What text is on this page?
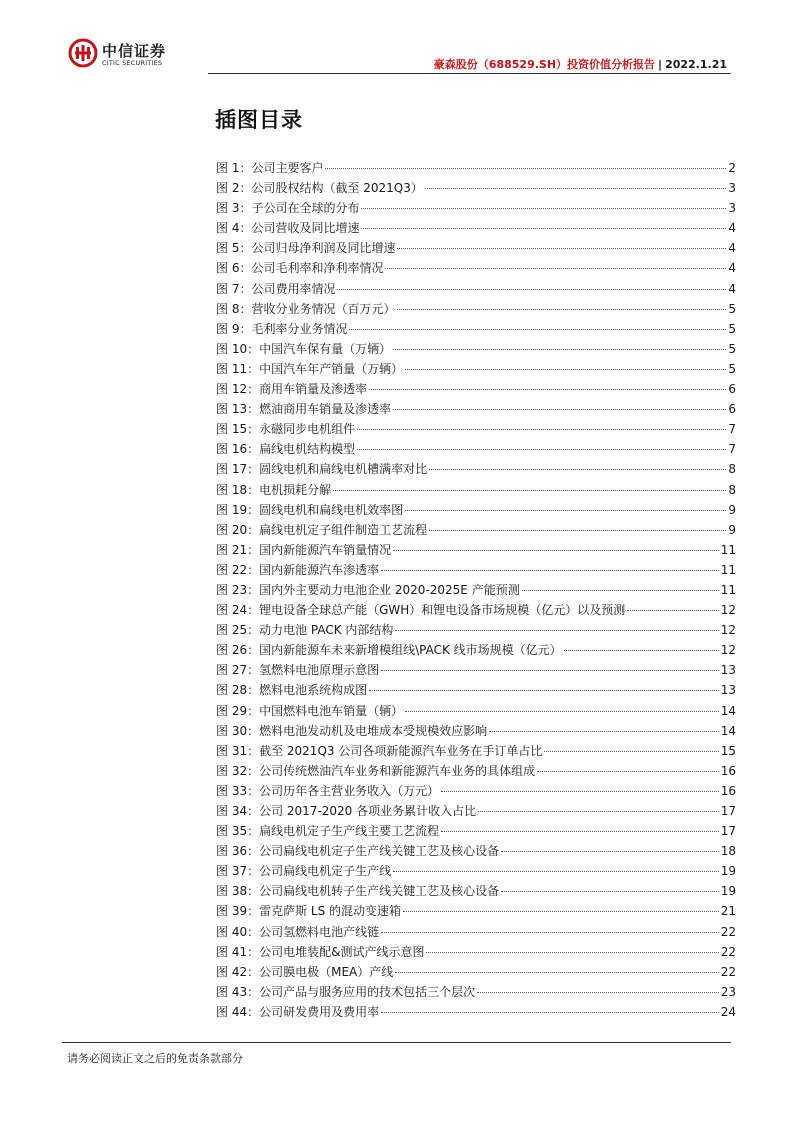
中信证券
CITIC SECURITIES	豪森股份（688529.SH）投资价值分析报告 | 2022.1.21
插图目录
图 1：公司主要客户	2
图 2：公司股权结构（截至 2021Q3）	3
图 3：子公司在全球的分布	3
图 4：公司营收及同比增速	4
图 5：公司归母净利润及同比增速	4
图 6：公司毛利率和净利率情况	4
图 7：公司费用率情况	4
图 8：营收分业务情况（百万元）	5
图 9：毛利率分业务情况	5
图 10：中国汽车保有量（万辆）	5
图 11：中国汽车年产销量（万辆）	5
图 12：商用车销量及渗透率	6
图 13：燃油商用车销量及渗透率	6
图 15：永磁同步电机组件	7
图 16：扁线电机结构模型	7
图 17：圆线电机和扁线电机槽满率对比	8
图 18：电机损耗分解	8
图 19：圆线电机和扁线电机效率图	9
图 20：扁线电机定子组件制造工艺流程	9
图 21：国内新能源汽车销量情况	11
图 22：国内新能源汽车渗透率	11
图 23：国内外主要动力电池企业 2020-2025E 产能预测	11
图 24：锂电设备全球总产能（GWH）和锂电设备市场规模（亿元）以及预测	12
图 25：动力电池 PACK 内部结构	12
图 26：国内新能源车未来新增模组线\PACK 线市场规模（亿元）	12
图 27：氢燃料电池原理示意图	13
图 28：燃料电池系统构成图	13
图 29：中国燃料电池车销量（辆）	14
图 30：燃料电池发动机及电堆成本受规模效应影响	14
图 31：截至 2021Q3 公司各项新能源汽车业务在手订单占比	15
图 32：公司传统燃油汽车业务和新能源汽车业务的具体组成	16
图 33：公司历年各主营业务收入（万元）	16
图 34：公司 2017-2020 各项业务累计收入占比	17
图 35：扁线电机定子生产线主要工艺流程	17
图 36：公司扁线电机定子生产线关键工艺及核心设备	18
图 37：公司扁线电机定子生产线	19
图 38：公司扁线电机转子生产线关键工艺及核心设备	19
图 39：雷克萨斯 LS 的混动变速箱	21
图 40：公司氢燃料电池产线链	22
图 41：公司电堆装配&测试产线示意图	22
图 42：公司膜电极（MEA）产线	22
图 43：公司产品与服务应用的技术包括三个层次	23
图 44：公司研发费用及费用率	24
请务必阅读正文之后的免责条款部分
